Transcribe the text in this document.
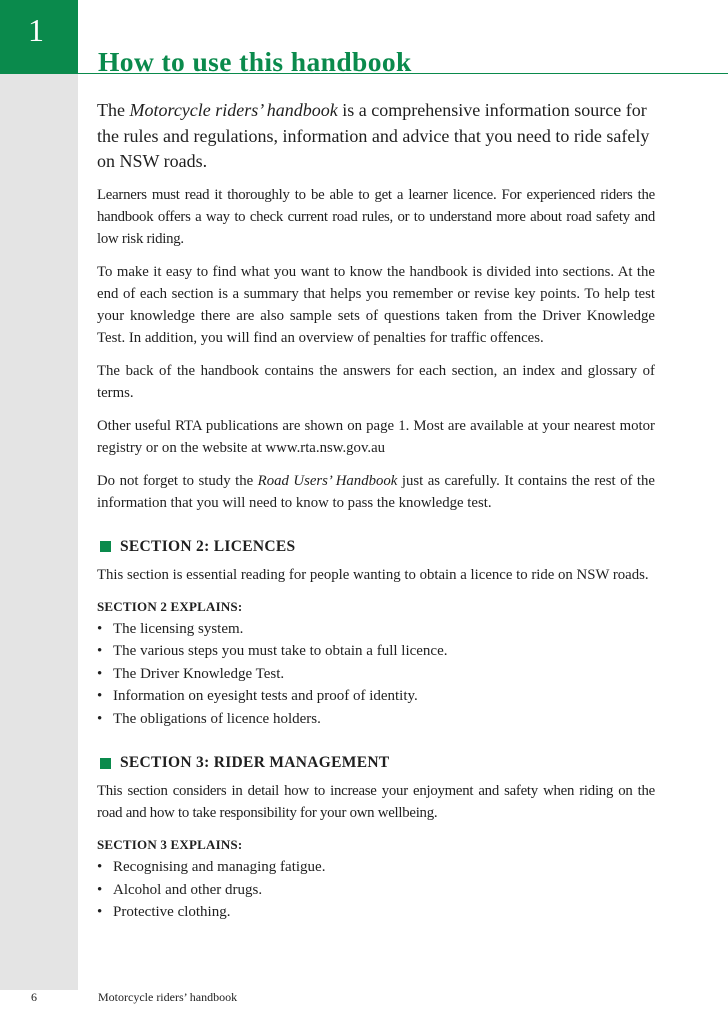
1
How to use this handbook

The Motorcycle riders’ handbook is a comprehensive information source for the rules and regulations, information and advice that you need to ride safely on NSW roads.

Learners must read it thoroughly to be able to get a learner licence. For experienced riders the handbook offers a way to check current road rules, or to understand more about road safety and low risk riding.

To make it easy to find what you want to know the handbook is divided into sections. At the end of each section is a summary that helps you remember or revise key points. To help test your knowledge there are also sample sets of questions taken from the Driver Knowledge Test. In addition, you will find an overview of penalties for traffic offences.

The back of the handbook contains the answers for each section, an index and glossary of terms.

Other useful RTA publications are shown on page 1. Most are available at your nearest motor registry or on the website at www.rta.nsw.gov.au

Do not forget to study the Road Users’ Handbook just as carefully. It contains the rest of the information that you will need to know to pass the knowledge test.

SECTION 2: LICENCES

This section is essential reading for people wanting to obtain a licence to ride on NSW roads.

SECTION 2 EXPLAINS:
• The licensing system.
• The various steps you must take to obtain a full licence.
• The Driver Knowledge Test.
• Information on eyesight tests and proof of identity.
• The obligations of licence holders.
SECTION 3: RIDER MANAGEMENT

This section considers in detail how to increase your enjoyment and safety when riding on the road and how to take responsibility for your own wellbeing.

SECTION 3 EXPLAINS:
• Recognising and managing fatigue.
• Alcohol and other drugs.
• Protective clothing.
6	Motorcycle riders’ handbook
